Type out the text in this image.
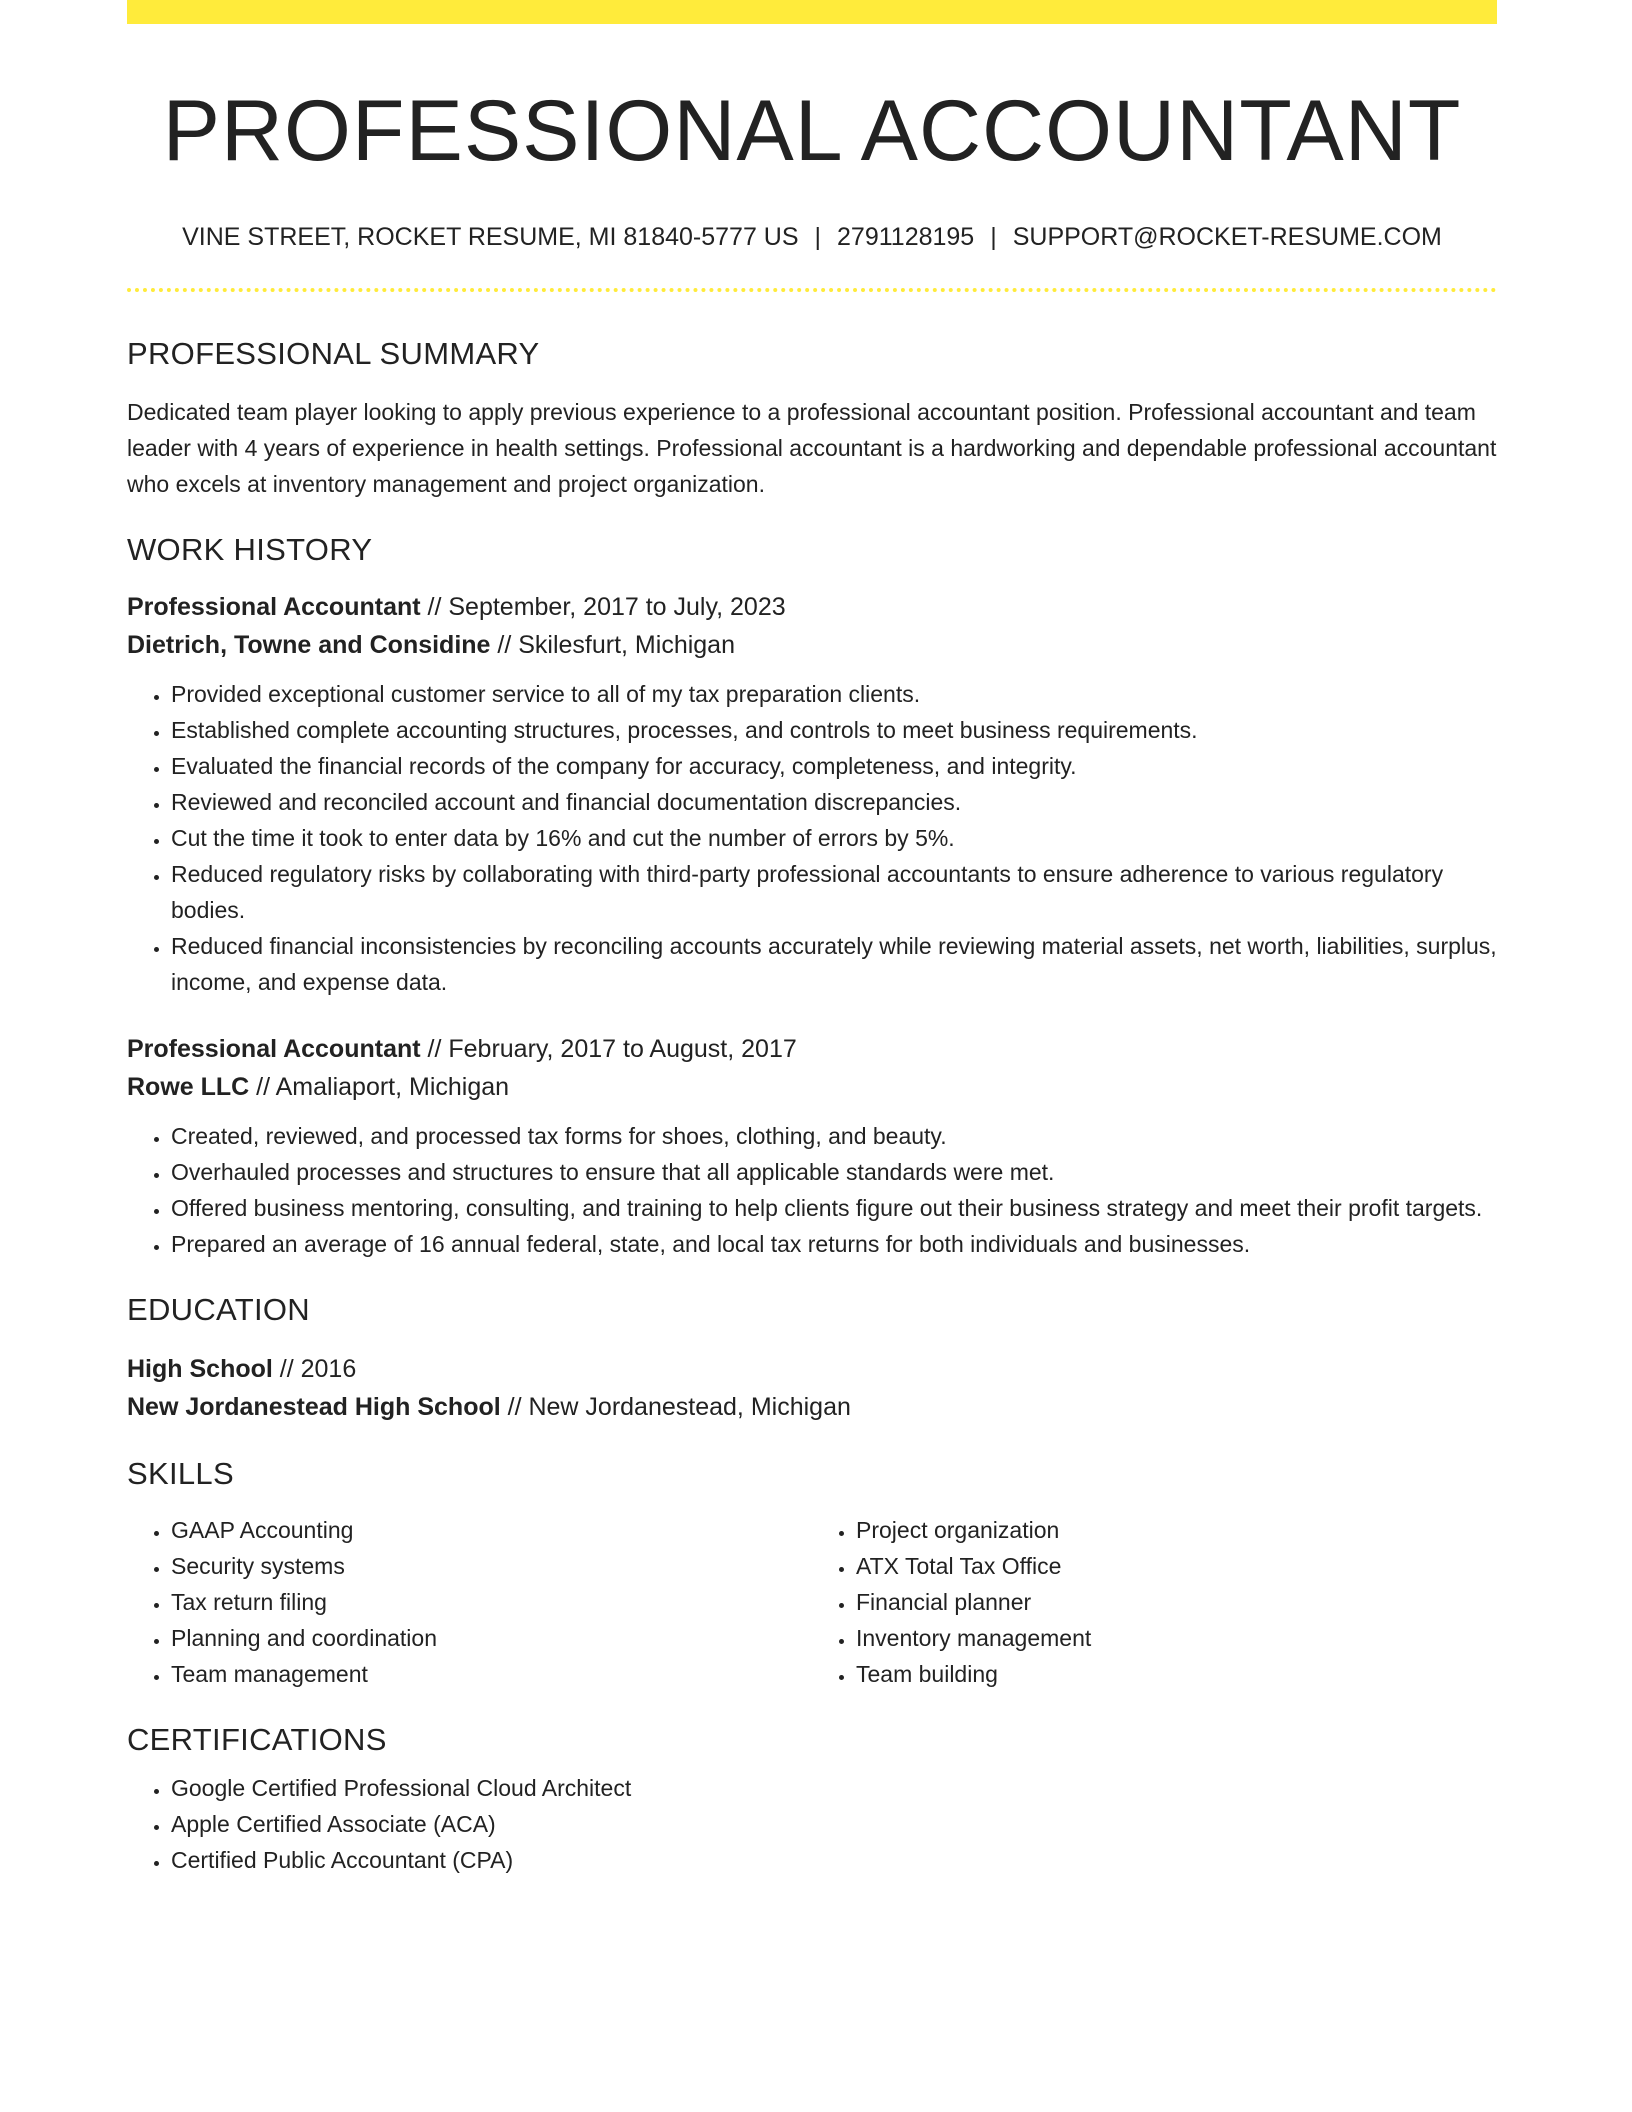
PROFESSIONAL ACCOUNTANT
VINE STREET, ROCKET RESUME, MI 81840-5777 US | 2791128195 | SUPPORT@ROCKET-RESUME.COM
PROFESSIONAL SUMMARY
Dedicated team player looking to apply previous experience to a professional accountant position. Professional accountant and team leader with 4 years of experience in health settings. Professional accountant is a hardworking and dependable professional accountant who excels at inventory management and project organization.
WORK HISTORY
Professional Accountant // September, 2017 to July, 2023
Dietrich, Towne and Considine // Skilesfurt, Michigan
• Provided exceptional customer service to all of my tax preparation clients.
• Established complete accounting structures, processes, and controls to meet business requirements.
• Evaluated the financial records of the company for accuracy, completeness, and integrity.
• Reviewed and reconciled account and financial documentation discrepancies.
• Cut the time it took to enter data by 16% and cut the number of errors by 5%.
• Reduced regulatory risks by collaborating with third-party professional accountants to ensure adherence to various regulatory bodies.
• Reduced financial inconsistencies by reconciling accounts accurately while reviewing material assets, net worth, liabilities, surplus, income, and expense data.
Professional Accountant // February, 2017 to August, 2017
Rowe LLC // Amaliaport, Michigan
• Created, reviewed, and processed tax forms for shoes, clothing, and beauty.
• Overhauled processes and structures to ensure that all applicable standards were met.
• Offered business mentoring, consulting, and training to help clients figure out their business strategy and meet their profit targets.
• Prepared an average of 16 annual federal, state, and local tax returns for both individuals and businesses.
EDUCATION
High School // 2016
New Jordanestead High School // New Jordanestead, Michigan
SKILLS
• GAAP Accounting
• Security systems
• Tax return filing
• Planning and coordination
• Team management
• Project organization
• ATX Total Tax Office
• Financial planner
• Inventory management
• Team building
CERTIFICATIONS
• Google Certified Professional Cloud Architect
• Apple Certified Associate (ACA)
• Certified Public Accountant (CPA)
